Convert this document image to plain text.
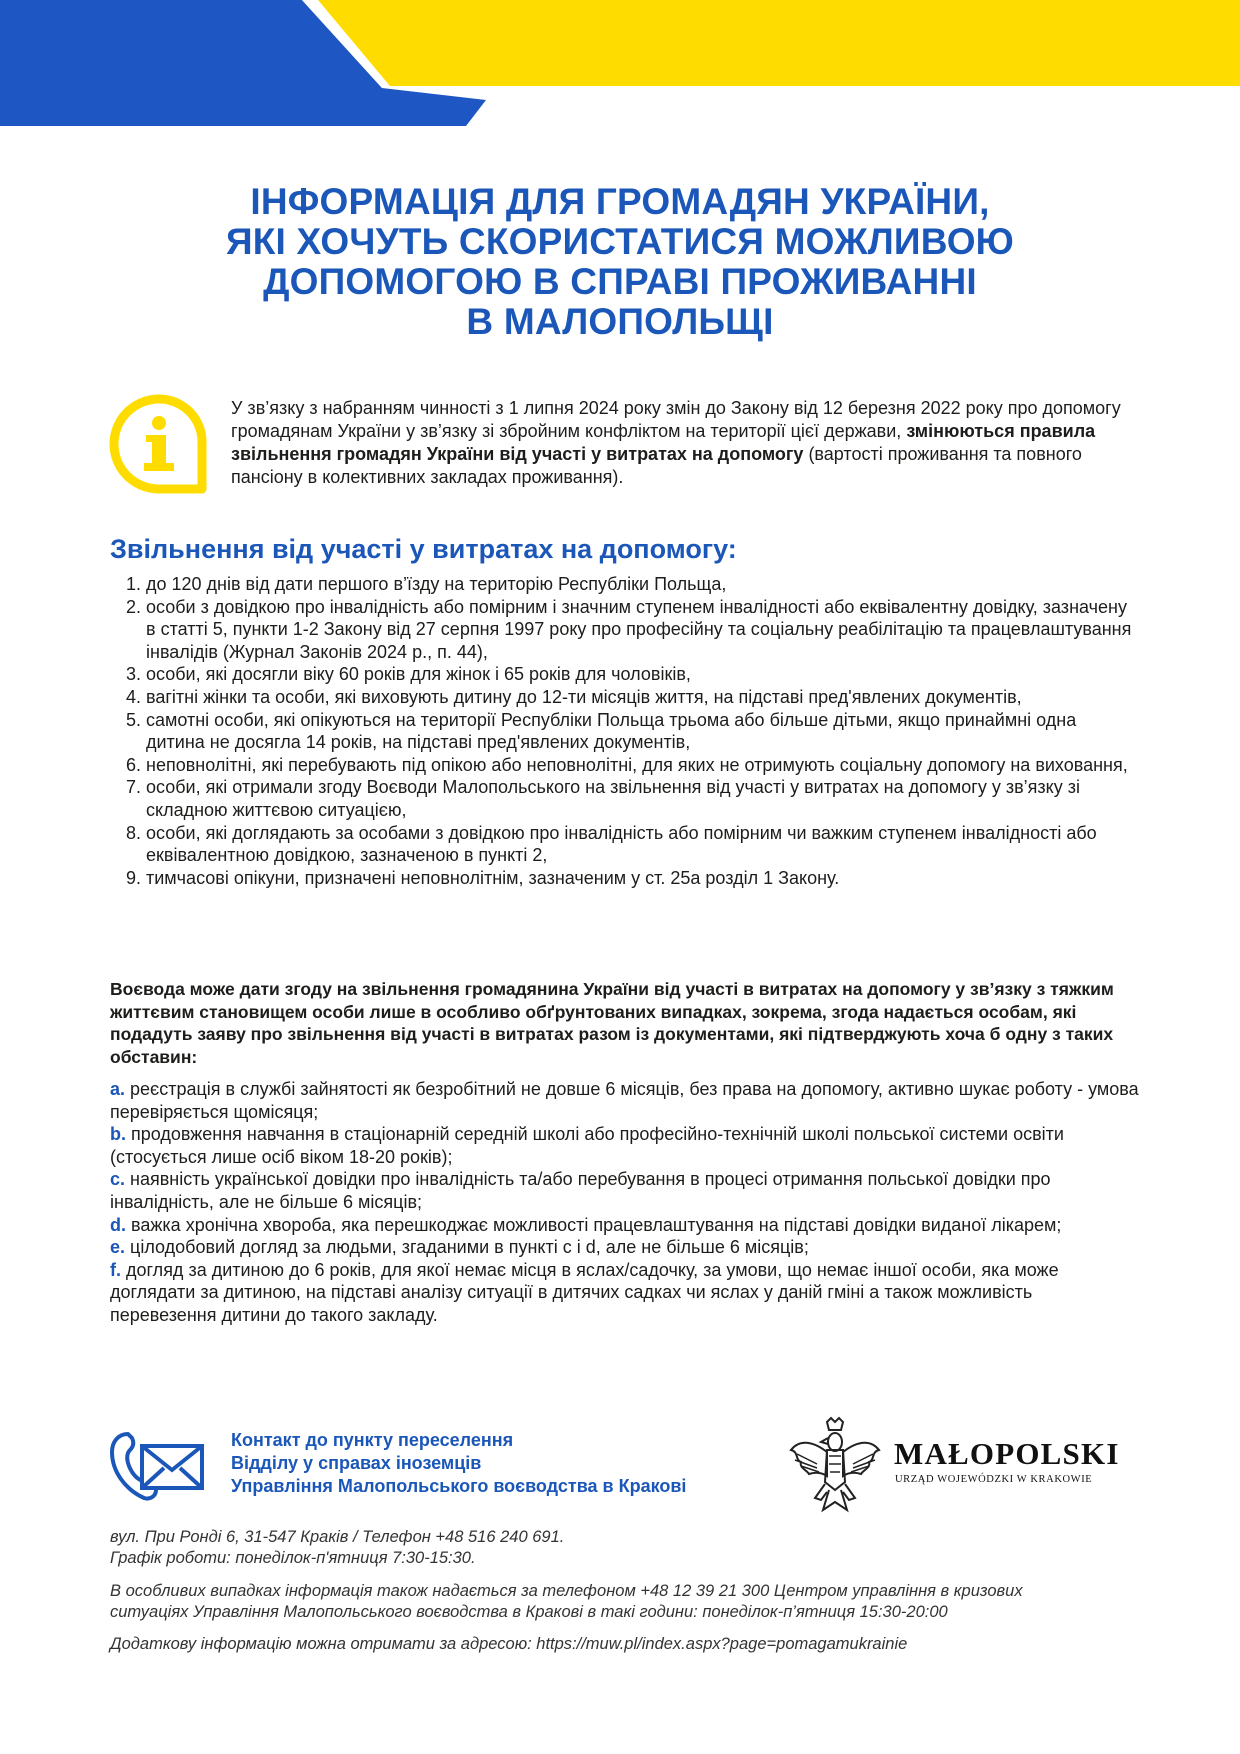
ІНФОРМАЦІЯ ДЛЯ ГРОМАДЯН УКРАЇНИ,
ЯКІ ХОЧУТЬ СКОРИСТАТИСЯ МОЖЛИВОЮ
ДОПОМОГОЮ В СПРАВІ ПРОЖИВАННІ
В МАЛОПОЛЬЩІ

У зв’язку з набранням чинності з 1 липня 2024 року змін до Закону від 12 березня 2022 року про допомогу громадянам України у зв’язку зі збройним конфліктом на території цієї держави, змінюються правила звільнення громадян України від участі у витратах на допомогу (вартості проживання та повного пансіону в колективних закладах проживання).

Звільнення від участі у витратах на допомогу:
1. до 120 днів від дати першого в’їзду на територію Республіки Польща,
2. особи з довідкою про інвалідність або помірним і значним ступенем інвалідності або еквівалентну довідку, зазначену в статті 5, пункти 1-2 Закону від 27 серпня 1997 року про професійну та соціальну реабілітацію та працевлаштування інвалідів (Журнал Законів 2024 р., п. 44),
3. особи, які досягли віку 60 років для жінок і 65 років для чоловіків,
4. вагітні жінки та особи, які виховують дитину до 12-ти місяців життя, на підставі пред'явлених документів,
5. самотні особи, які опікуються на території Республіки Польща трьома або більше дітьми, якщо принаймні одна дитина не досягла 14 років, на підставі пред'явлених документів,
6. неповнолітні, які перебувають під опікою або неповнолітні, для яких не отримують соціальну допомогу на виховання,
7. особи, які отримали згоду Воєводи Малопольського на звільнення від участі у витратах на допомогу у зв’язку зі складною життєвою ситуацією,
8. особи, які доглядають за особами з довідкою про інвалідність або помірним чи важким ступенем інвалідності або еквівалентною довідкою, зазначеною в пункті 2,
9. тимчасові опікуни, призначені неповнолітнім, зазначеним у ст. 25а розділ 1 Закону.

Воєвода може дати згоду на звільнення громадянина України від участі в витратах на допомогу у зв’язку з тяжким життєвим становищем особи лише в особливо обґрунтованих випадках, зокрема, згода надається особам, які подадуть заяву про звільнення від участі в витратах разом із документами, які підтверджують хоча б одну з таких обставин:

a. реєстрація в службі зайнятості як безробітний не довше 6 місяців, без права на допомогу, активно шукає роботу - умова перевіряється щомісяця;
b. продовження навчання в стаціонарній середній школі або професійно-технічній школі польської системи освіти (стосується лише осіб віком 18-20 років);
c. наявність української довідки про інвалідність та/або перебування в процесі отримання польської довідки про інвалідність, але не більше 6 місяців;
d. важка хронічна хвороба, яка перешкоджає можливості працевлаштування на підставі довідки виданої лікарем;
e. цілодобовий догляд за людьми, згаданими в пункті c i d, але не більше 6 місяців;
f. догляд за дитиною до 6 років, для якої немає місця в яслах/садочку, за умови, що немає іншої особи, яка може доглядати за дитиною, на підставі аналізу ситуації в дитячих садках чи яслах у даній гміні а також можливість перевезення дитини до такого закладу.

Контакт до пункту переселення
Відділу у справах іноземців
Управління Малопольського воєводства в Кракові

MAŁOPOLSKI

URZĄD WOJEWÓDZKI W KRAKOWIE

вул. При Ронді 6, 31-547 Краків / Телефон +48 516 240 691.
Графік роботи: понеділок-п'ятниця 7:30-15:30.

В особливих випадках інформація також надається за телефоном +48 12 39 21 300 Центром управління в кризових
ситуаціях Управління Малопольського воєводства в Кракові в такі години: понеділок-п’ятниця 15:30-20:00

Додаткову інформацію можна отримати за адресою: https://muw.pl/index.aspx?page=pomagamukrainie
